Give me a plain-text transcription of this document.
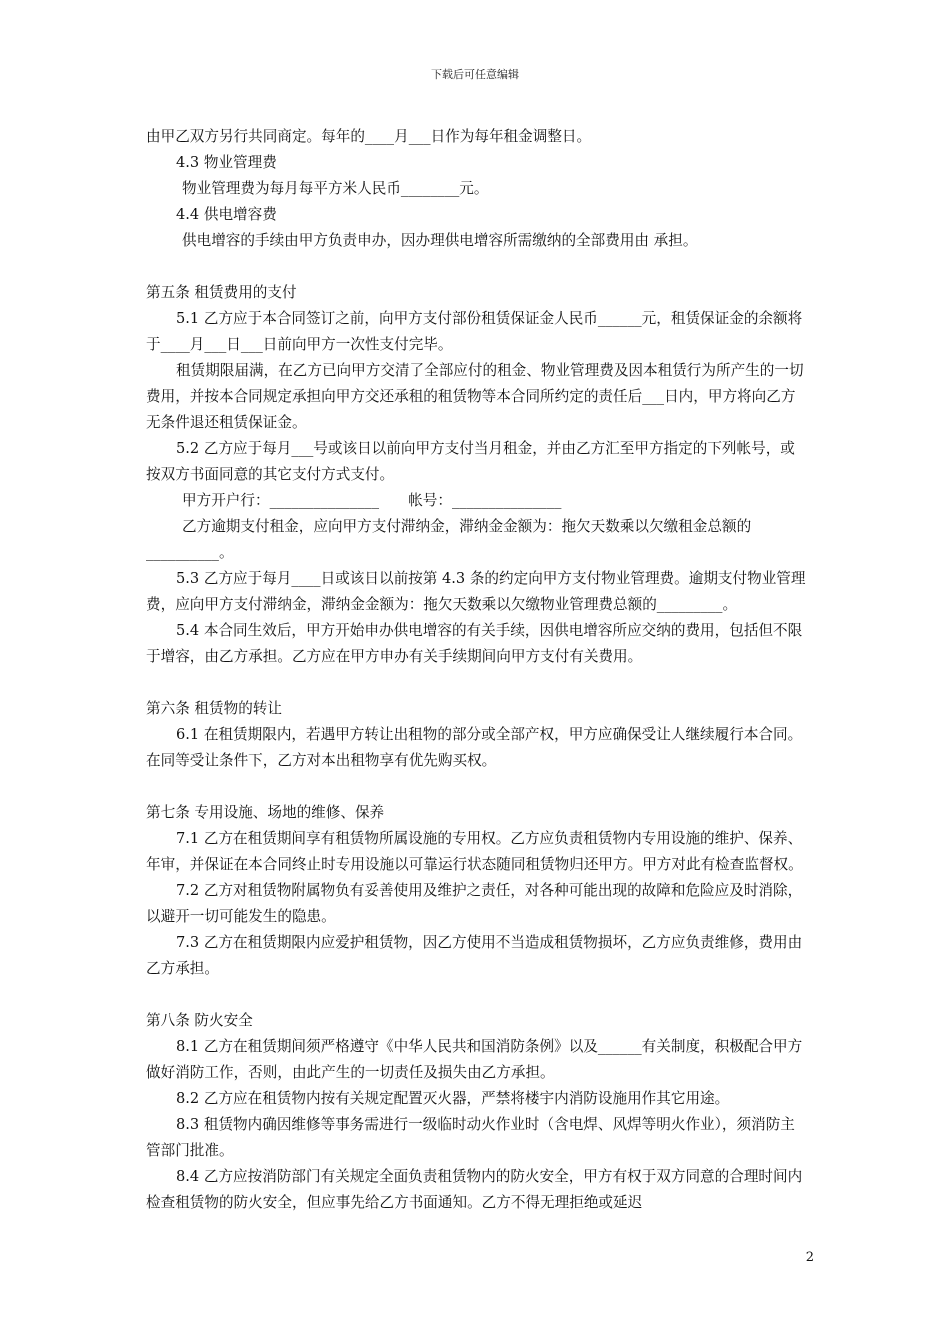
下载后可任意编辑

由甲乙双方另行共同商定。每年的____月___日作为每年租金调整日。

4.3 物业管理费

物业管理费为每月每平方米人民币________元。

4.4 供电增容费

供电增容的手续由甲方负责申办，因办理供电增容所需缴纳的全部费用由 承担。

第五条 租赁费用的支付

5.1 乙方应于本合同签订之前，向甲方支付部份租赁保证金人民币______元，租赁保证金的余额将于____月___日___日前向甲方一次性支付完毕。

租赁期限届满，在乙方已向甲方交清了全部应付的租金、物业管理费及因本租赁行为所产生的一切费用，并按本合同规定承担向甲方交还承租的租赁物等本合同所约定的责任后___日内，甲方将向乙方无条件退还租赁保证金。

5.2 乙方应于每月___号或该日以前向甲方支付当月租金，并由乙方汇至甲方指定的下列帐号，或按双方书面同意的其它支付方式支付。

甲方开户行：_______________　　帐号：_______________

乙方逾期支付租金，应向甲方支付滞纳金，滞纳金金额为：拖欠天数乘以欠缴租金总额的__________。

5.3 乙方应于每月____日或该日以前按第 4.3 条的约定向甲方支付物业管理费。逾期支付物业管理费，应向甲方支付滞纳金，滞纳金金额为：拖欠天数乘以欠缴物业管理费总额的_________。

5.4 本合同生效后，甲方开始申办供电增容的有关手续，因供电增容所应交纳的费用，包括但不限于增容，由乙方承担。乙方应在甲方申办有关手续期间向甲方支付有关费用。

第六条 租赁物的转让

6.1 在租赁期限内，若遇甲方转让出租物的部分或全部产权，甲方应确保受让人继续履行本合同。在同等受让条件下，乙方对本出租物享有优先购买权。

第七条 专用设施、场地的维修、保养

7.1 乙方在租赁期间享有租赁物所属设施的专用权。乙方应负责租赁物内专用设施的维护、保养、年审，并保证在本合同终止时专用设施以可靠运行状态随同租赁物归还甲方。甲方对此有检查监督权。

7.2 乙方对租赁物附属物负有妥善使用及维护之责任，对各种可能出现的故障和危险应及时消除，以避开一切可能发生的隐患。

7.3 乙方在租赁期限内应爱护租赁物，因乙方使用不当造成租赁物损坏，乙方应负责维修，费用由乙方承担。

第八条 防火安全

8.1 乙方在租赁期间须严格遵守《中华人民共和国消防条例》以及______有关制度，积极配合甲方做好消防工作，否则，由此产生的一切责任及损失由乙方承担。

8.2 乙方应在租赁物内按有关规定配置灭火器，严禁将楼宇内消防设施用作其它用途。

8.3 租赁物内确因维修等事务需进行一级临时动火作业时（含电焊、风焊等明火作业），须消防主管部门批准。

8.4 乙方应按消防部门有关规定全面负责租赁物内的防火安全，甲方有权于双方同意的合理时间内检查租赁物的防火安全，但应事先给乙方书面通知。乙方不得无理拒绝或延迟

2
